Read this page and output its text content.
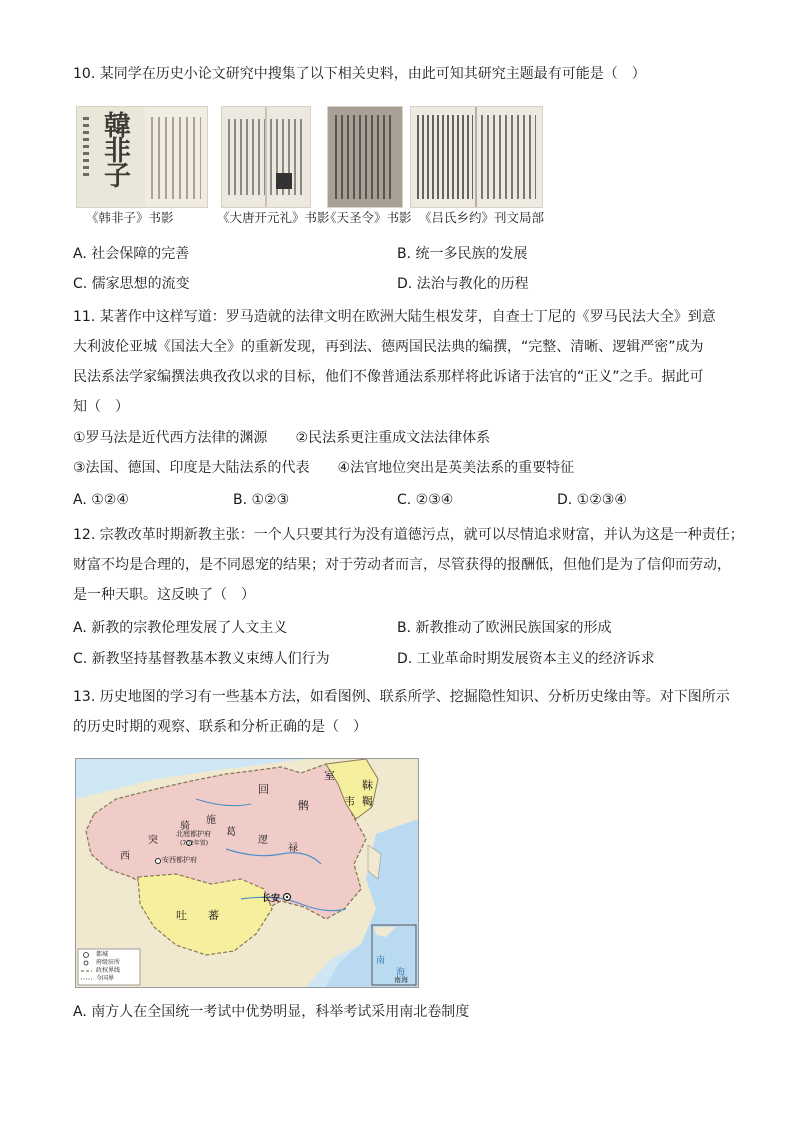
10. 某同学在历史小论文研究中搜集了以下相关史料，由此可知其研究主题最有可能是（　）
韓非子
《韩非子》书影	《大唐开元礼》书影
《天圣令》书影 《吕氏乡约》刊文局部
A. 社会保障的完善	B. 统一多民族的发展
C. 儒家思想的流变	D. 法治与教化的历程
11. 某著作中这样写道：罗马造就的法律文明在欧洲大陆生根发芽，自查士丁尼的《罗马民法大全》到意
大利波伦亚城《国法大全》的重新发现，再到法、德两国民法典的编撰，“完整、清晰、逻辑严密”成为
民法系法学家编撰法典孜孜以求的目标，他们不像普通法系那样将此诉诸于法官的“正义”之手。据此可
知（　）
①罗马法是近代西方法律的渊源　　②民法系更注重成文法法律体系
③法国、德国、印度是大陆法系的代表　　④法官地位突出是英美法系的重要特征
A. ①②④	B. ①②③	C. ②③④	D. ①②③④
12. 宗教改革时期新教主张：一个人只要其行为没有道德污点，就可以尽情追求财富，并认为这是一种责任；
财富不均是合理的，是不同恩宠的结果；对于劳动者而言，尽管获得的报酬低，但他们是为了信仰而劳动，
是一种天职。这反映了（　）
A. 新教的宗教伦理发展了人文主义	B. 新教推动了欧洲民族国家的形成
C. 新教坚持基督教基本教义束缚人们行为	D. 工业革命时期发展资本主义的经济诉求
13. 历史地图的学习有一些基本方法，如看图例、联系所学、挖掘隐性知识、分析历史缘由等。对下图所示
的历史时期的观察、联系和分析正确的是（　）
室
韦
靺
鞨
回
鹘
突
骑
施
西
葛
逻
禄
北庭都护府
(702年置)
安西都护府
吐 蕃
长安
南
海
南海
都城
府级驻所
政权界线
今国界
A. 南方人在全国统一考试中优势明显，科举考试采用南北卷制度
